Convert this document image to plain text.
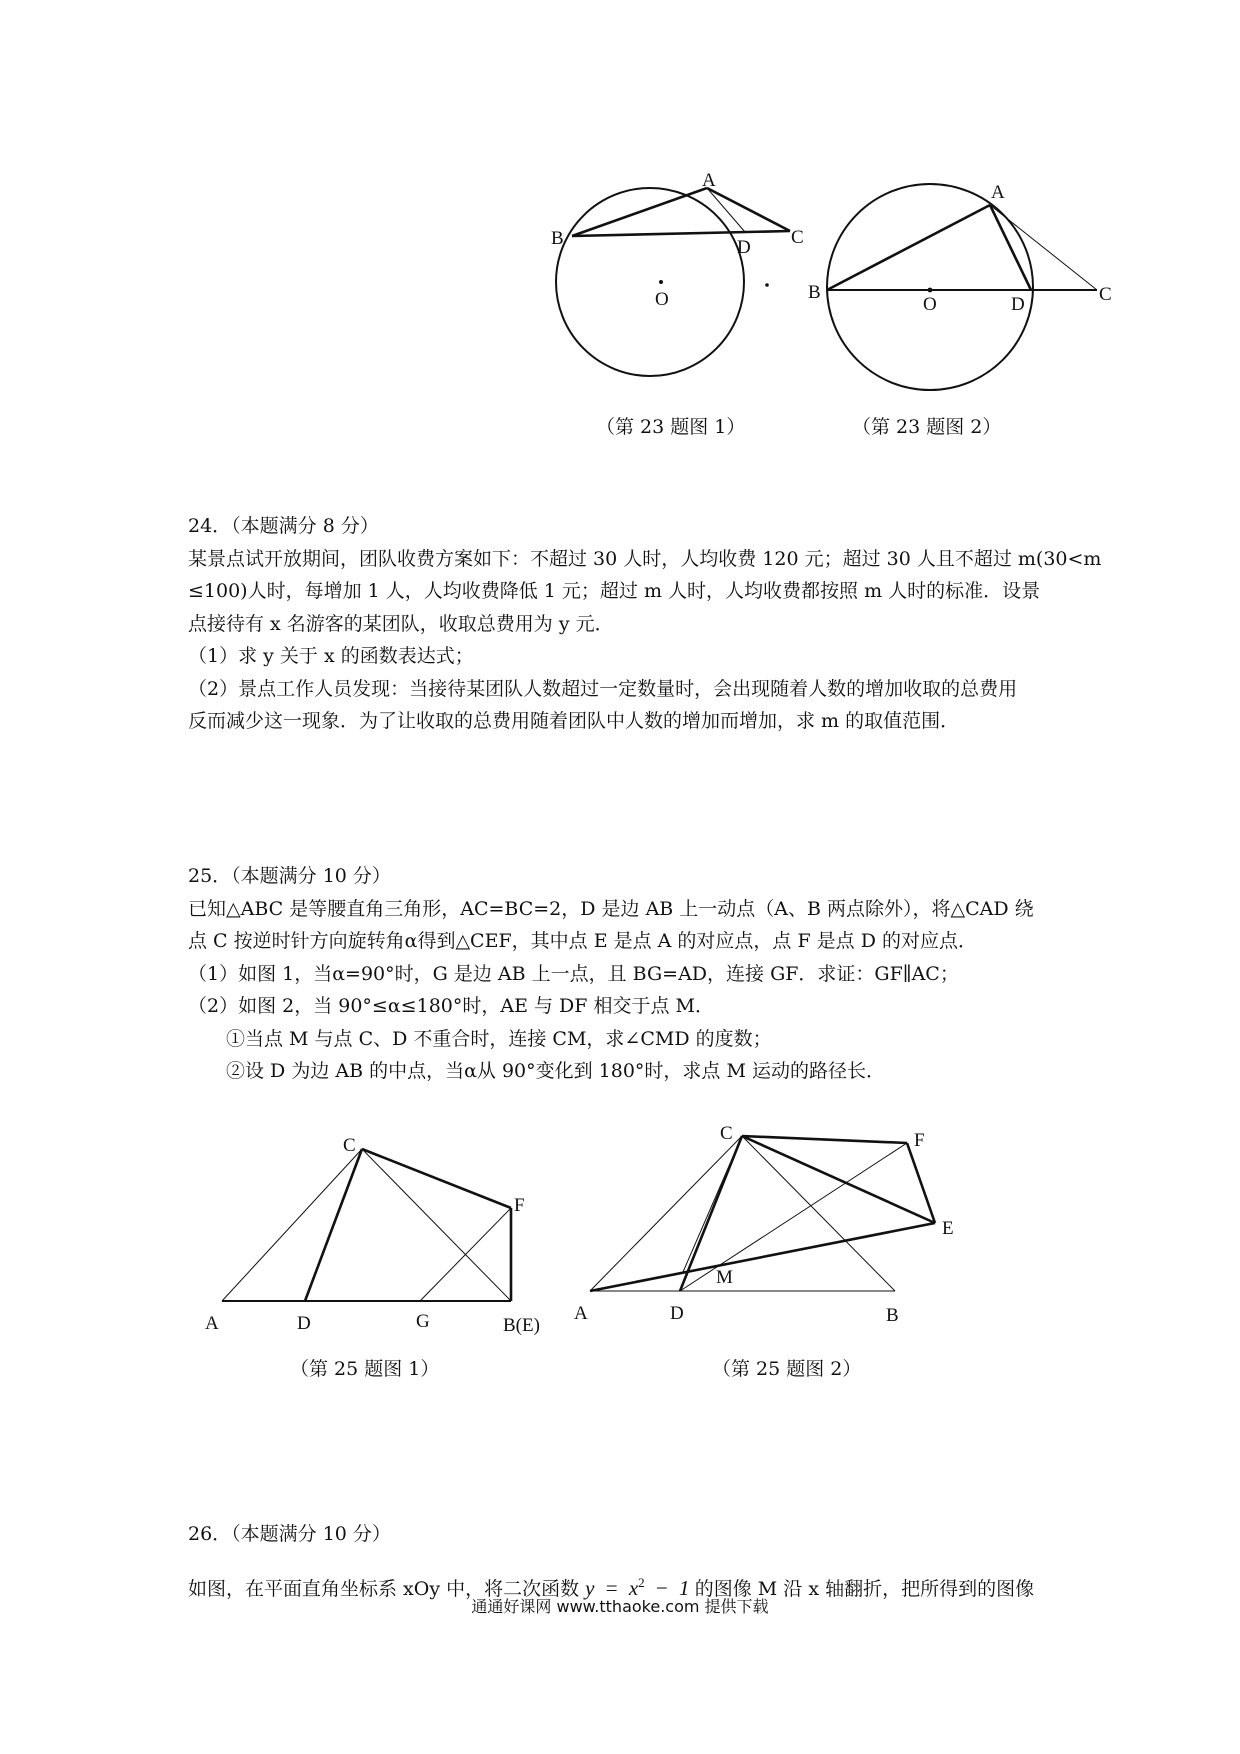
A
B	C
D
O
（第 23 题图 1）
A
B
O	D	C
（第 23 题图 2）
24．（本题满分 8 分）
某景点试开放期间，团队收费方案如下：不超过 30 人时，人均收费 120 元；超过 30 人且不超过 m(30<m
≤100)人时，每增加 1 人，人均收费降低 1 元；超过 m 人时，人均收费都按照 m 人时的标准．设景
点接待有 x 名游客的某团队，收取总费用为 y 元．
（1）求 y 关于 x 的函数表达式；
（2）景点工作人员发现：当接待某团队人数超过一定数量时，会出现随着人数的增加收取的总费用
反而减少这一现象．为了让收取的总费用随着团队中人数的增加而增加，求 m 的取值范围．
25．（本题满分 10 分）
已知△ABC 是等腰直角三角形，AC=BC=2，D 是边 AB 上一动点（A、B 两点除外），将△CAD 绕
点 C 按逆时针方向旋转角α得到△CEF，其中点 E 是点 A 的对应点，点 F 是点 D 的对应点．
（1）如图 1，当α=90°时，G 是边 AB 上一点，且 BG=AD，连接 GF．求证：GF∥AC；
（2）如图 2，当 90°≤α≤180°时，AE 与 DF 相交于点 M．
①当点 M 与点 C、D 不重合时，连接 CM，求∠CMD 的度数；
②设 D 为边 AB 的中点，当α从 90°变化到 180°时，求点 M 运动的路径长．
C
F
A	D	G	B(E)
（第 25 题图 1）
C	F
E
M
A	D	B
（第 25 题图 2）
26．（本题满分 10 分）
如图，在平面直角坐标系 xOy 中，将二次函数 $y = x^2 - 1$ 的图像 M 沿 x 轴翻折，把所得到的图像
通通好课网 www.tthaoke.com 提供下载
